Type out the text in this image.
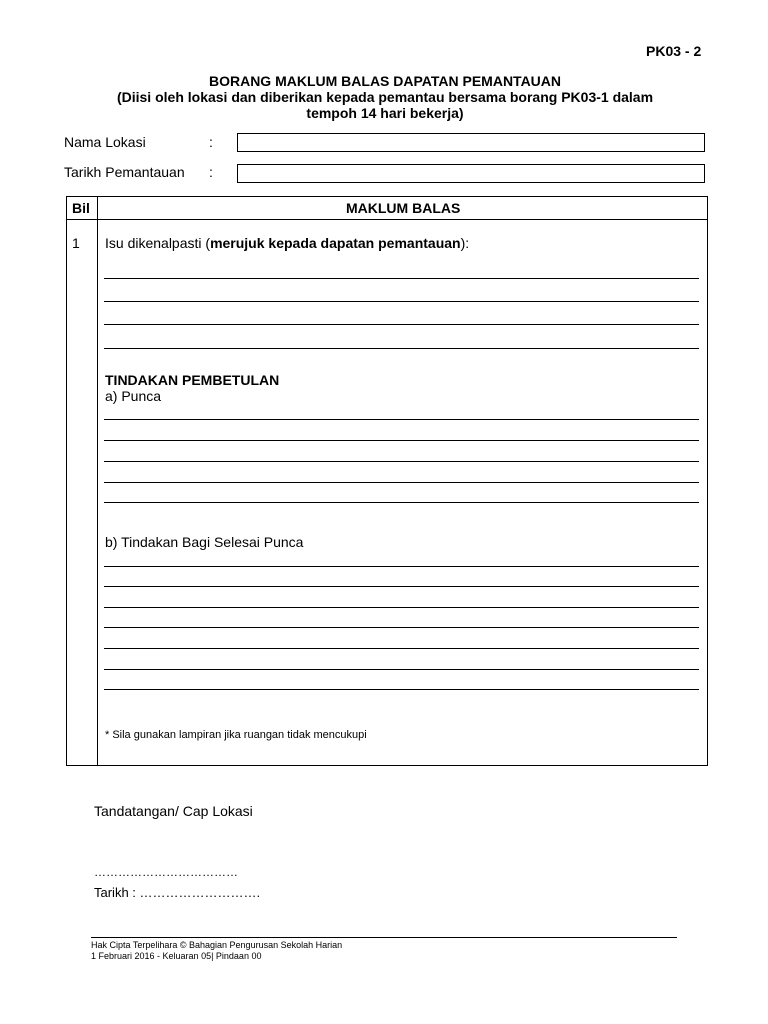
PK03 - 2
BORANG MAKLUM BALAS DAPATAN PEMANTAUAN
(Diisi oleh lokasi dan diberikan kepada pemantau bersama borang PK03-1 dalam
tempoh 14 hari bekerja)
Nama Lokasi	:
Tarikh Pemantauan :
Bil	MAKLUM BALAS
1 Isu dikenalpasti (merujuk kepada dapatan pemantauan):
TINDAKAN PEMBETULAN
a) Punca
b) Tindakan Bagi Selesai Punca
* Sila gunakan lampiran jika ruangan tidak mencukupi
Tandatangan/ Cap Lokasi
………………………………
Tarikh : ……………………….
Hak Cipta Terpelihara © Bahagian Pengurusan Sekolah Harian
1 Februari 2016 - Keluaran 05| Pindaan 00
